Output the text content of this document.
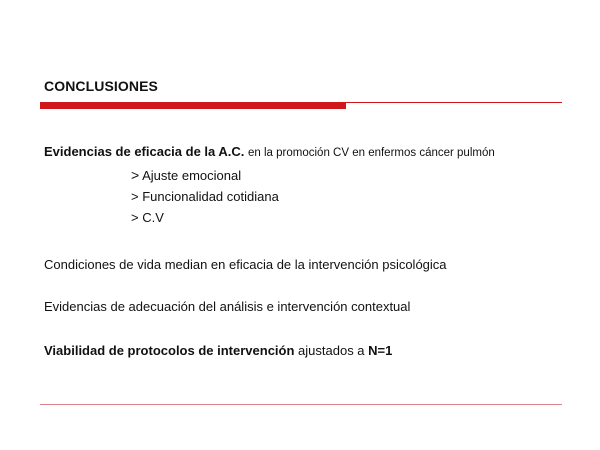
CONCLUSIONES
Evidencias de eficacia de la A.C. en la promoción CV en enfermos cáncer pulmón
> Ajuste emocional
> Funcionalidad cotidiana
> C.V
Condiciones de vida median en eficacia de la intervención psicológica
Evidencias de adecuación del análisis e intervención contextual
Viabilidad de protocolos de intervención ajustados a N=1
